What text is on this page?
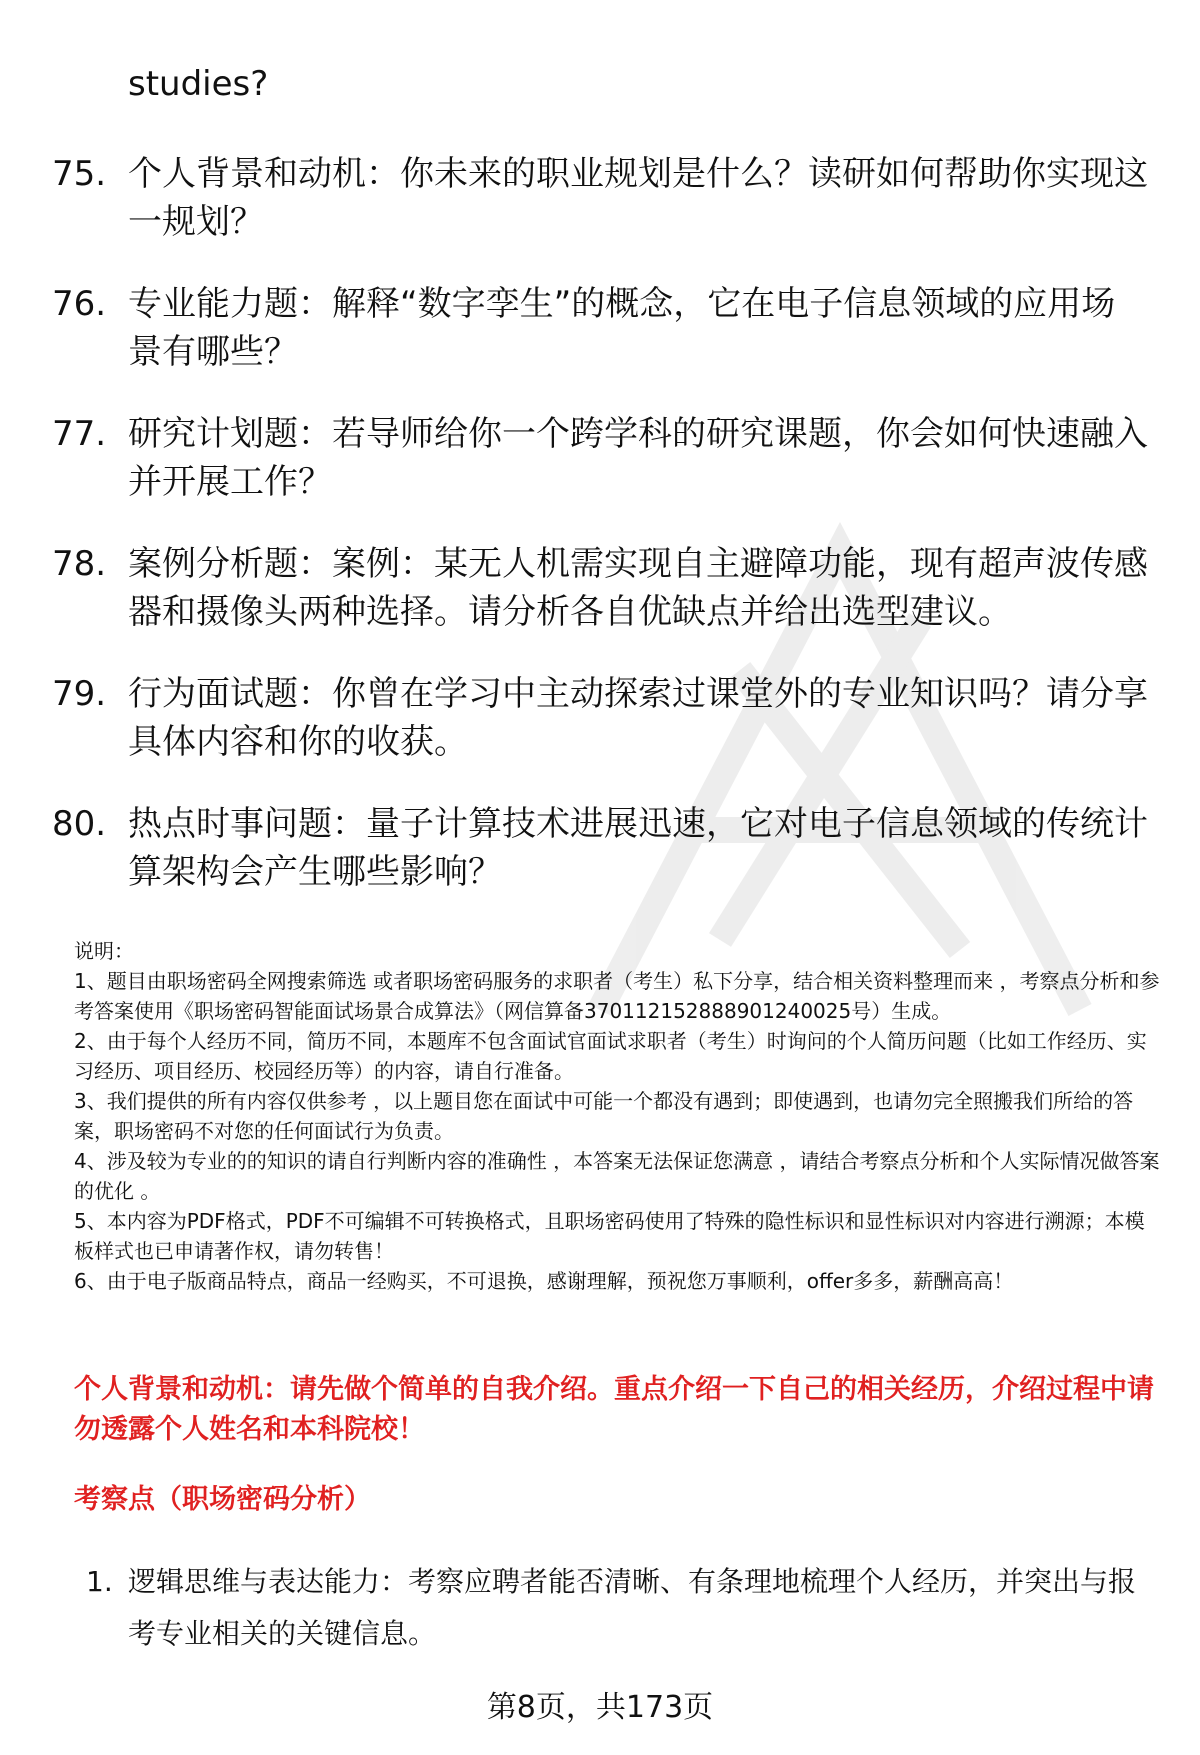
studies?
75. 个人背景和动机：你未来的职业规划是什么？读研如何帮助你实现这一规划？
76. 专业能力题：解释“数字孪生”的概念，它在电子信息领域的应用场景有哪些？
77. 研究计划题：若导师给你一个跨学科的研究课题，你会如何快速融入并开展工作？
78. 案例分析题：案例：某无人机需实现自主避障功能，现有超声波传感器和摄像头两种选择。请分析各自优缺点并给出选型建议。
79. 行为面试题：你曾在学习中主动探索过课堂外的专业知识吗？请分享具体内容和你的收获。
80. 热点时事问题：量子计算技术进展迅速，它对电子信息领域的传统计算架构会产生哪些影响？

说明：

1、题目由职场密码全网搜索筛选 或者职场密码服务的求职者（考生）私下分享，结合相关资料整理而来 ，考察点分析和参考答案使用《职场密码智能面试场景合成算法》（网信算备370112152888901240025号）生成。

2、由于每个人经历不同，简历不同，本题库不包含面试官面试求职者（考生）时询问的个人简历问题（比如工作经历、实习经历、项目经历、校园经历等）的内容，请自行准备。

3、我们提供的所有内容仅供参考 ，以上题目您在面试中可能一个都没有遇到；即使遇到，也请勿完全照搬我们所给的答案，职场密码不对您的任何面试行为负责。

4、涉及较为专业的的知识的请自行判断内容的准确性 ，本答案无法保证您满意 ，请结合考察点分析和个人实际情况做答案的优化 。

5、本内容为PDF格式，PDF不可编辑不可转换格式，且职场密码使用了特殊的隐性标识和显性标识对内容进行溯源；本模板样式也已申请著作权，请勿转售！

6、由于电子版商品特点，商品一经购买，不可退换，感谢理解，预祝您万事顺利，offer多多，薪酬高高！

个人背景和动机：请先做个简单的自我介绍。重点介绍一下自己的相关经历，介绍过程中请勿透露个人姓名和本科院校！
考察点（职场密码分析）
1. 逻辑思维与表达能力：考察应聘者能否清晰、有条理地梳理个人经历，并突出与报考专业相关的关键信息。
第8页，共173页
